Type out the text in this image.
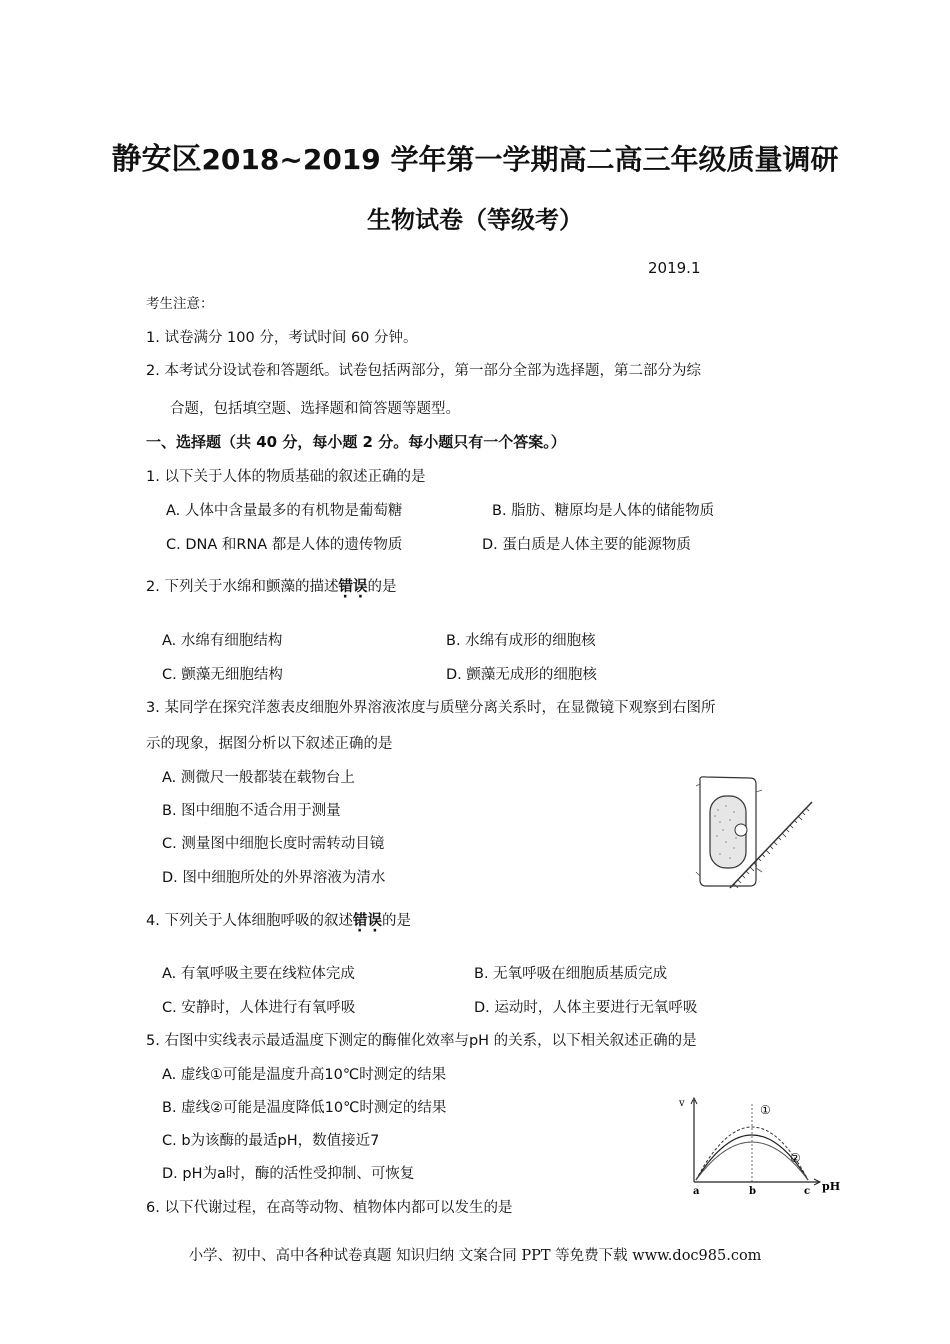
静安区2018~2019 学年第一学期高二高三年级质量调研
生物试卷（等级考）
2019.1
考生注意：
1. 试卷满分 100 分，考试时间 60 分钟。
2. 本考试分设试卷和答题纸。试卷包括两部分，第一部分全部为选择题，第二部分为综
合题，包括填空题、选择题和简答题等题型。
一、选择题（共 40 分，每小题 2 分。每小题只有一个答案。）
1. 以下关于人体的物质基础的叙述正确的是
A. 人体中含量最多的有机物是葡萄糖	B. 脂肪、糖原均是人体的储能物质
C. DNA 和RNA 都是人体的遗传物质	D. 蛋白质是人体主要的能源物质
2. 下列关于水绵和颤藻的描述错误 · ·的是
A. 水绵有细胞结构	B. 水绵有成形的细胞核
C. 颤藻无细胞结构	D. 颤藻无成形的细胞核
3. 某同学在探究洋葱表皮细胞外界溶液浓度与质壁分离关系时，在显微镜下观察到右图所
示的现象，据图分析以下叙述正确的是
A. 测微尺一般都装在载物台上
B. 图中细胞不适合用于测量
C. 测量图中细胞长度时需转动目镜
D. 图中细胞所处的外界溶液为清水
4. 下列关于人体细胞呼吸的叙述错误 · ·的是
A. 有氧呼吸主要在线粒体完成	B. 无氧呼吸在细胞质基质完成
C. 安静时，人体进行有氧呼吸	D. 运动时，人体主要进行无氧呼吸
5. 右图中实线表示最适温度下测定的酶催化效率与pH 的关系，以下相关叙述正确的是
A. 虚线①可能是温度升高10℃时测定的结果
B. 虚线②可能是温度降低10℃时测定的结果
C. b为该酶的最适pH，数值接近7
D. pH为a时，酶的活性受抑制、可恢复
v
pH
①
②
a	b	c
6. 以下代谢过程，在高等动物、植物体内都可以发生的是
小学、初中、高中各种试卷真题 知识归纳 文案合同 PPT 等免费下载 www.doc985.com
